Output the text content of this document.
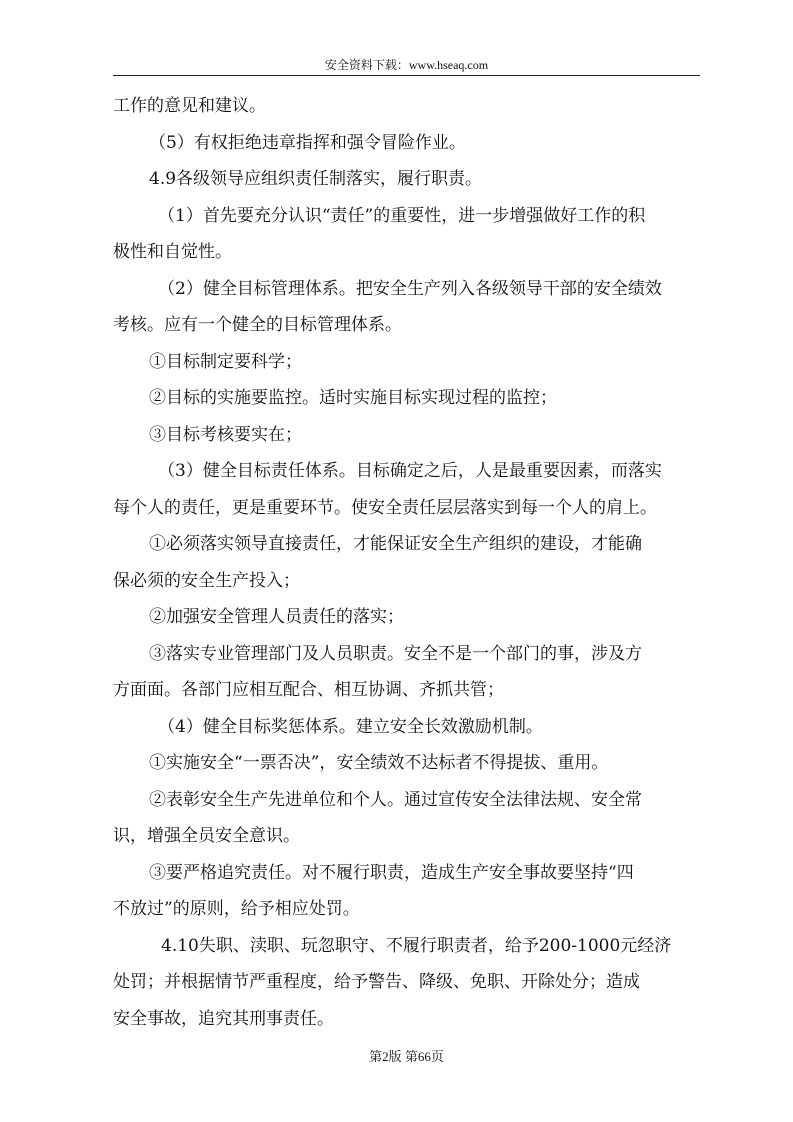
安全资料下载：www.hseaq.com
工作的意见和建议。
（5）有权拒绝违章指挥和强令冒险作业。
4.9各级领导应组织责任制落实，履行职责。
（1）首先要充分认识“责任”的重要性，进一步增强做好工作的积
极性和自觉性。
（2）健全目标管理体系。把安全生产列入各级领导干部的安全绩效
考核。应有一个健全的目标管理体系。
①目标制定要科学；
②目标的实施要监控。适时实施目标实现过程的监控；
③目标考核要实在；
（3）健全目标责任体系。目标确定之后，人是最重要因素，而落实
每个人的责任，更是重要环节。使安全责任层层落实到每一个人的肩上。
①必须落实领导直接责任，才能保证安全生产组织的建设，才能确
保必须的安全生产投入；
②加强安全管理人员责任的落实；
③落实专业管理部门及人员职责。安全不是一个部门的事，涉及方
方面面。各部门应相互配合、相互协调、齐抓共管；
（4）健全目标奖惩体系。建立安全长效激励机制。
①实施安全“一票否决”，安全绩效不达标者不得提拔、重用。
②表彰安全生产先进单位和个人。通过宣传安全法律法规、安全常
识，增强全员安全意识。
③要严格追究责任。对不履行职责，造成生产安全事故要坚持“四
不放过”的原则，给予相应处罚。
4.10失职、渎职、玩忽职守、不履行职责者，给予200-1000元经济
处罚；并根据情节严重程度，给予警告、降级、免职、开除处分；造成
安全事故，追究其刑事责任。
第2版 第66页
